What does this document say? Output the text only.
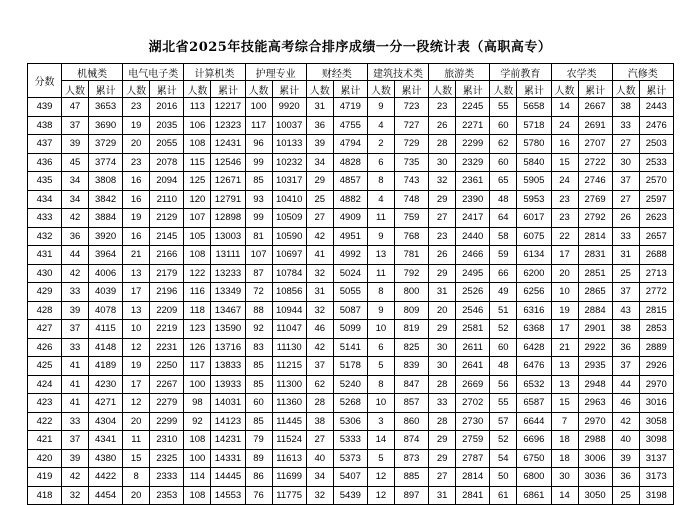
湖北省2025年技能高考综合排序成绩一分一段统计表（高职高专）
分数	机械类		电气电子类		计算机类		护理专业		财经类		建筑技术类		旅游类		学前教育		农学类		汽修类	
	人数	累计	人数	累计	人数	累计	人数	累计	人数	累计	人数	累计	人数	累计	人数	累计	人数	累计	人数	累计
439	47	3653	23	2016	113	12217	100	9920	31	4719	9	723	23	2245	55	5658	14	2667	38	2443
438	37	3690	19	2035	106	12323	117	10037	36	4755	4	727	26	2271	60	5718	24	2691	33	2476
437	39	3729	20	2055	108	12431	96	10133	39	4794	2	729	28	2299	62	5780	16	2707	27	2503
436	45	3774	23	2078	115	12546	99	10232	34	4828	6	735	30	2329	60	5840	15	2722	30	2533
435	34	3808	16	2094	125	12671	85	10317	29	4857	8	743	32	2361	65	5905	24	2746	37	2570
434	34	3842	16	2110	120	12791	93	10410	25	4882	4	748	29	2390	48	5953	23	2769	27	2597
433	42	3884	19	2129	107	12898	99	10509	27	4909	11	759	27	2417	64	6017	23	2792	26	2623
432	36	3920	16	2145	105	13003	81	10590	42	4951	9	768	23	2440	58	6075	22	2814	33	2657
431	44	3964	21	2166	108	13111	107	10697	41	4992	13	781	26	2466	59	6134	17	2831	31	2688
430	42	4006	13	2179	122	13233	87	10784	32	5024	11	792	29	2495	66	6200	20	2851	25	2713
429	33	4039	17	2196	116	13349	72	10856	31	5055	8	800	31	2526	49	6256	10	2865	37	2772
428	39	4078	13	2209	118	13467	88	10944	32	5087	9	809	20	2546	51	6316	19	2884	43	2815
427	37	4115	10	2219	123	13590	92	11047	46	5099	10	819	29	2581	52	6368	17	2901	38	2853
426	33	4148	12	2231	126	13716	83	11130	42	5141	6	825	30	2611	60	6428	21	2922	36	2889
425	41	4189	19	2250	117	13833	85	11215	37	5178	5	839	30	2641	48	6476	13	2935	37	2926
424	41	4230	17	2267	100	13933	85	11300	62	5240	8	847	28	2669	56	6532	13	2948	44	2970
423	41	4271	12	2279	98	14031	60	11360	28	5268	10	857	33	2702	55	6587	15	2963	46	3016
422	33	4304	20	2299	92	14123	85	11445	38	5306	3	860	28	2730	57	6644	7	2970	42	3058
421	37	4341	11	2310	108	14231	79	11524	27	5333	14	874	29	2759	52	6696	18	2988	40	3098
420	39	4380	15	2325	100	14331	89	11613	40	5373	5	873	29	2787	54	6750	18	3006	39	3137
419	42	4422	8	2333	114	14445	86	11699	34	5407	12	885	27	2814	50	6800	30	3036	36	3173
418	32	4454	20	2353	108	14553	76	11775	32	5439	12	897	31	2841	61	6861	14	3050	25	3198
